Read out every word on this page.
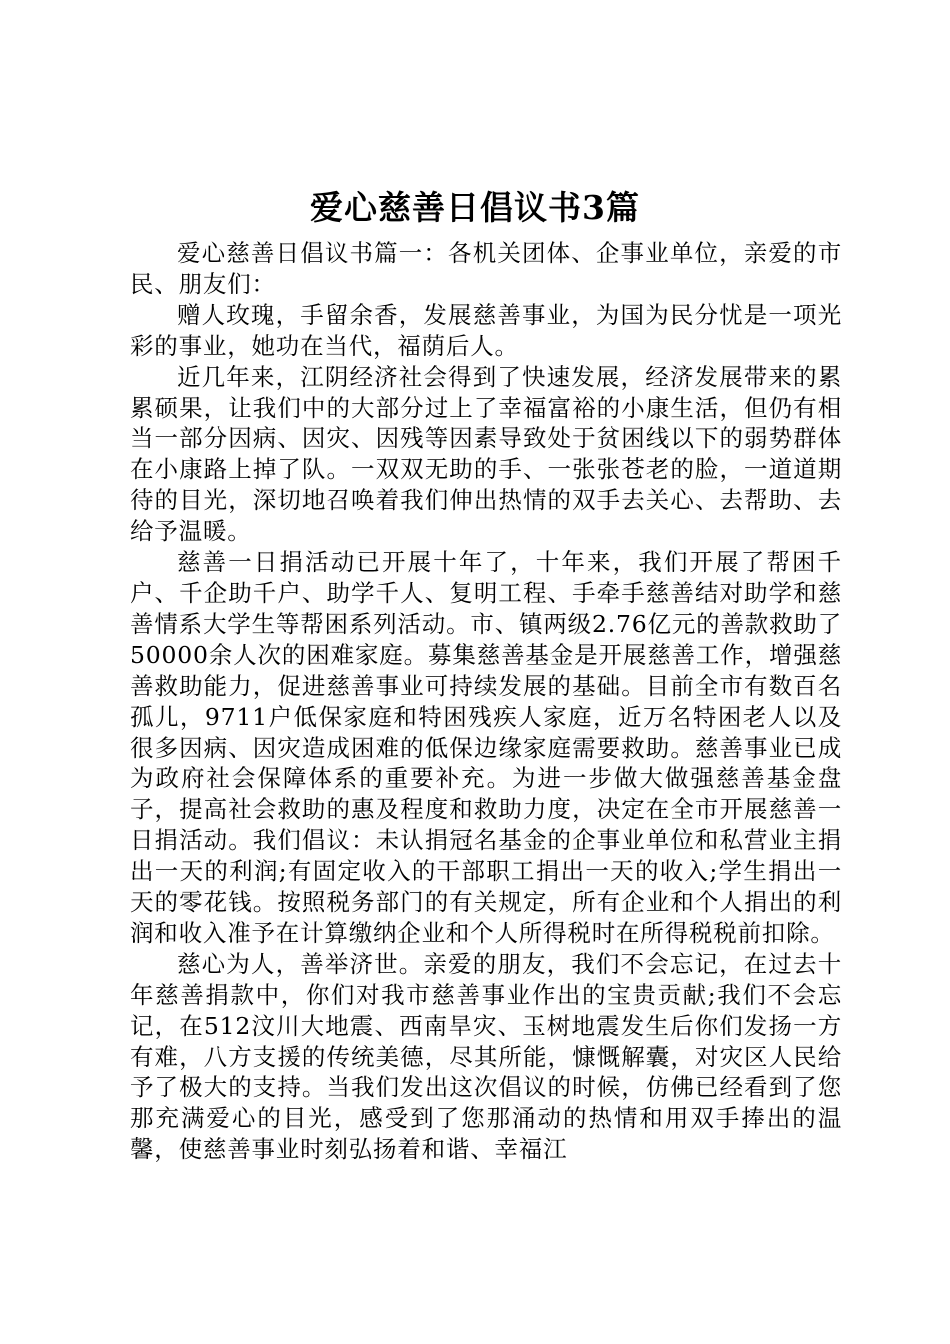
爱心慈善日倡议书3篇

爱心慈善日倡议书篇一：各机关团体、企事业单位，亲爱的市民、朋友们：

赠人玫瑰，手留余香，发展慈善事业，为国为民分忧是一项光彩的事业，她功在当代，福荫后人。

近几年来，江阴经济社会得到了快速发展，经济发展带来的累累硕果，让我们中的大部分过上了幸福富裕的小康生活，但仍有相当一部分因病、因灾、因残等因素导致处于贫困线以下的弱势群体在小康路上掉了队。一双双无助的手、一张张苍老的脸，一道道期待的目光，深切地召唤着我们伸出热情的双手去关心、去帮助、去给予温暖。

慈善一日捐活动已开展十年了，十年来，我们开展了帮困千户、千企助千户、助学千人、复明工程、手牵手慈善结对助学和慈善情系大学生等帮困系列活动。市、镇两级2.76亿元的善款救助了50000余人次的困难家庭。募集慈善基金是开展慈善工作，增强慈善救助能力，促进慈善事业可持续发展的基础。目前全市有数百名孤儿，9711户低保家庭和特困残疾人家庭，近万名特困老人以及很多因病、因灾造成困难的低保边缘家庭需要救助。慈善事业已成为政府社会保障体系的重要补充。为进一步做大做强慈善基金盘子，提高社会救助的惠及程度和救助力度，决定在全市开展慈善一日捐活动。我们倡议：未认捐冠名基金的企事业单位和私营业主捐出一天的利润;有固定收入的干部职工捐出一天的收入;学生捐出一天的零花钱。按照税务部门的有关规定，所有企业和个人捐出的利润和收入准予在计算缴纳企业和个人所得税时在所得税税前扣除。

慈心为人，善举济世。亲爱的朋友，我们不会忘记，在过去十年慈善捐款中，你们对我市慈善事业作出的宝贵贡献;我们不会忘记，在512汶川大地震、西南旱灾、玉树地震发生后你们发扬一方有难，八方支援的传统美德，尽其所能，慷慨解囊，对灾区人民给予了极大的支持。当我们发出这次倡议的时候，仿佛已经看到了您那充满爱心的目光，感受到了您那涌动的热情和用双手捧出的温馨，使慈善事业时刻弘扬着和谐、幸福江
